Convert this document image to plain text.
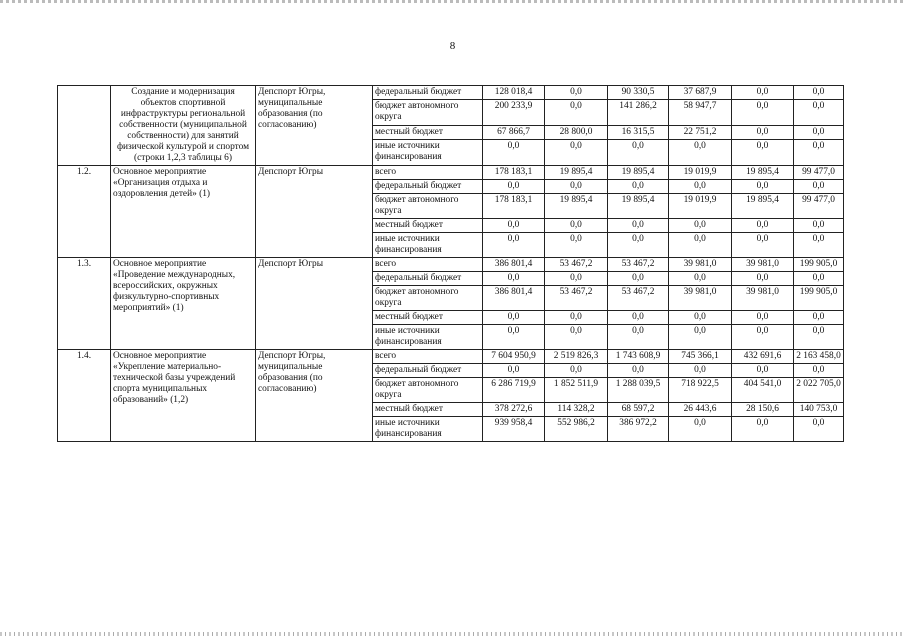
8
	Создание и модернизация объектов спортивной инфраструктуры региональной собственности (муниципальной собственности) для занятий физической культурой и спортом (строки 1,2,3 таблицы 6)	Депспорт Югры, муниципальные образования (по согласованию)	федеральный бюджет	128 018,4	0,0	90 330,5	37 687,9	0,0	0,0
			бюджет автономного округа	200 233,9	0,0	141 286,2	58 947,7	0,0	0,0
			местный бюджет	67 866,7	28 800,0	16 315,5	22 751,2	0,0	0,0
			иные источники финансирования	0,0	0,0	0,0	0,0	0,0	0,0
1.2.	Основное мероприятие «Организация отдыха и оздоровления детей» (1)	Депспорт Югры	всего	178 183,1	19 895,4	19 895,4	19 019,9	19 895,4	99 477,0
			федеральный бюджет	0,0	0,0	0,0	0,0	0,0	0,0
			бюджет автономного округа	178 183,1	19 895,4	19 895,4	19 019,9	19 895,4	99 477,0
			местный бюджет	0,0	0,0	0,0	0,0	0,0	0,0
			иные источники финансирования	0,0	0,0	0,0	0,0	0,0	0,0
1.3.	Основное мероприятие «Проведение международных, всероссийских, окружных физкультурно-спортивных мероприятий» (1)	Депспорт Югры	всего	386 801,4	53 467,2	53 467,2	39 981,0	39 981,0	199 905,0
			федеральный бюджет	0,0	0,0	0,0	0,0	0,0	0,0
			бюджет автономного округа	386 801,4	53 467,2	53 467,2	39 981,0	39 981,0	199 905,0
			местный бюджет	0,0	0,0	0,0	0,0	0,0	0,0
			иные источники финансирования	0,0	0,0	0,0	0,0	0,0	0,0
1.4.	Основное мероприятие «Укрепление материально-технической базы учреждений спорта муниципальных образований» (1,2)	Депспорт Югры, муниципальные образования (по согласованию)	всего	7 604 950,9	2 519 826,3	1 743 608,9	745 366,1	432 691,6	2 163 458,0
			федеральный бюджет	0,0	0,0	0,0	0,0	0,0	0,0
			бюджет автономного округа	6 286 719,9	1 852 511,9	1 288 039,5	718 922,5	404 541,0	2 022 705,0
			местный бюджет	378 272,6	114 328,2	68 597,2	26 443,6	28 150,6	140 753,0
			иные источники финансирования	939 958,4	552 986,2	386 972,2	0,0	0,0	0,0
